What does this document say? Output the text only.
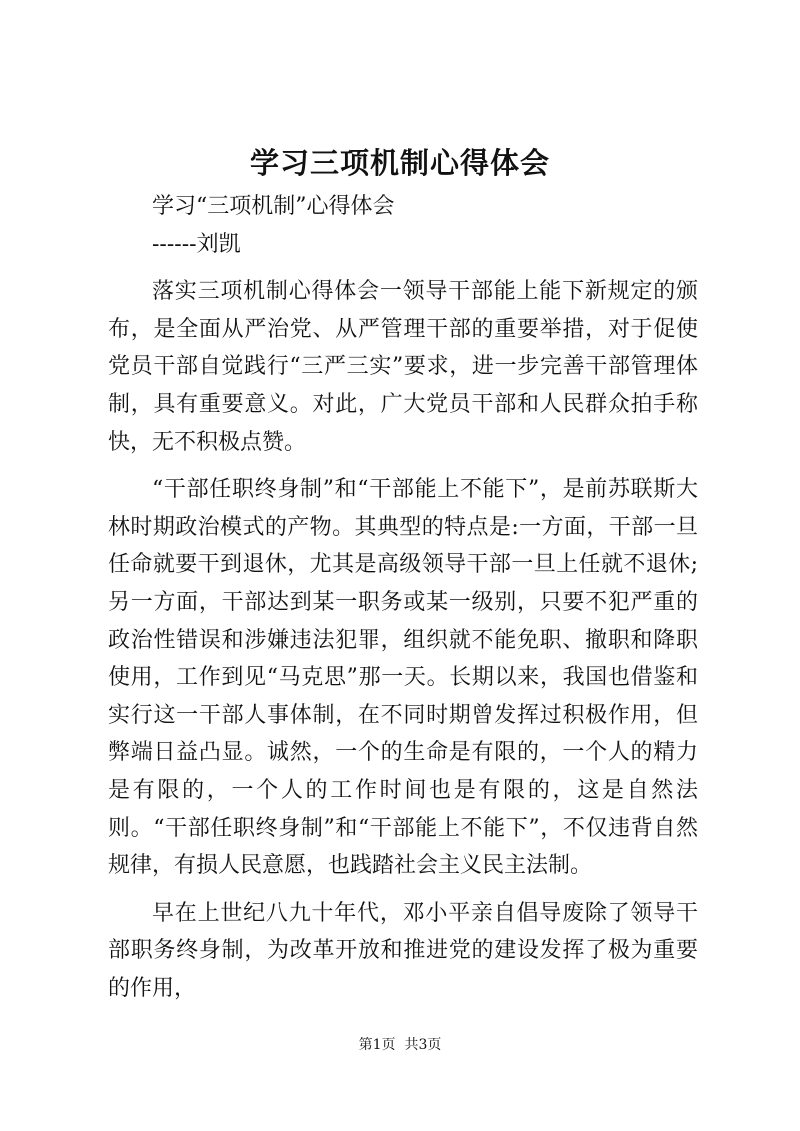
学习三项机制心得体会

学习“三项机制”心得体会

------刘凯

落实三项机制心得体会一领导干部能上能下新规定的颁布，是全面从严治党、从严管理干部的重要举措，对于促使党员干部自觉践行“三严三实”要求，进一步完善干部管理体制，具有重要意义。对此，广大党员干部和人民群众拍手称快，无不积极点赞。

“干部任职终身制”和“干部能上不能下”，是前苏联斯大林时期政治模式的产物。其典型的特点是:一方面，干部一旦任命就要干到退休，尤其是高级领导干部一旦上任就不退休;另一方面，干部达到某一职务或某一级别，只要不犯严重的政治性错误和涉嫌违法犯罪，组织就不能免职、撤职和降职使用，工作到见“马克思”那一天。长期以来，我国也借鉴和实行这一干部人事体制，在不同时期曾发挥过积极作用，但弊端日益凸显。诚然，一个的生命是有限的，一个人的精力是有限的，一个人的工作时间也是有限的，这是自然法则。“干部任职终身制”和“干部能上不能下”，不仅违背自然规律，有损人民意愿，也践踏社会主义民主法制。

早在上世纪八九十年代，邓小平亲自倡导废除了领导干部职务终身制，为改革开放和推进党的建设发挥了极为重要的作用，

第1页  共3页
